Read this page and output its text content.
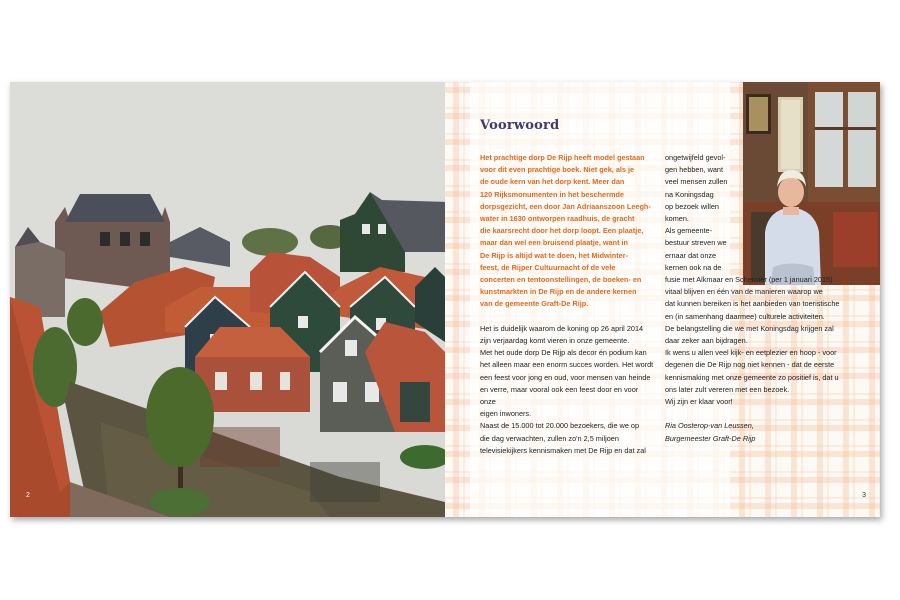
2
Voorwoord

Het prachtige dorp De Rijp heeft model gestaan

voor dit even prachtige boek. Niet gek, als je

de oude kern van het dorp kent. Meer dan

120 Rijksmonumenten in het beschermde

dorpsgezicht, een door Jan Adriaanszoon Leegh-

water in 1630 ontworpen raadhuis, de gracht

die kaarsrecht door het dorp loopt. Een plaatje,

maar dan wel een bruisend plaatje, want in

De Rijp is altijd wat te doen, het Midwinter-

feest, de Rijper Cultuurnacht of de vele

concerten en tentoonstellingen, de boeken- en

kunstmarkten in De Rijp en de andere kernen

van de gemeente Graft-De Rijp.

Het is duidelijk waarom de koning op 26 april 2014

zijn verjaardag komt vieren in onze gemeente.

Met het oude dorp De Rijp als decor én podium kan

het alleen maar een enorm succes worden. Het wordt

een feest voor jong en oud, voor mensen van heinde

en verre, maar vooral ook een feest door en voor onze

eigen inwoners.

Naast de 15.000 tot 20.000 bezoekers, die we op

die dag verwachten, zullen zo'n 2,5 miljoen

televisiekijkers kennismaken met De Rijp en dat zal

ongetwijfeld gevol-

gen hebben, want

veel mensen zullen

na Koningsdag

op bezoek willen

komen.

Als gemeente-

bestuur streven we

ernaar dat onze

kernen ook na de

fusie met Alkmaar en Schermer (per 1 januari 2015)

vitaal blijven en één van de manieren waarop we

dat kunnen bereiken is het aanbieden van toeristische

en (in samenhang daarmee) culturele activiteiten.

De belangstelling die we met Koningsdag krijgen zal

daar zeker aan bijdragen.

Ik wens u allen veel kijk- en eetplezier en hoop - voor

degenen die De Rijp nog niet kennen - dat de eerste

kennismaking met onze gemeente zo positief is, dat u

ons later zult vereren met een bezoek.

Wij zijn er klaar voor!

Ria Oosterop-van Leussen,

Burgemeester Graft-De Rijp

3
